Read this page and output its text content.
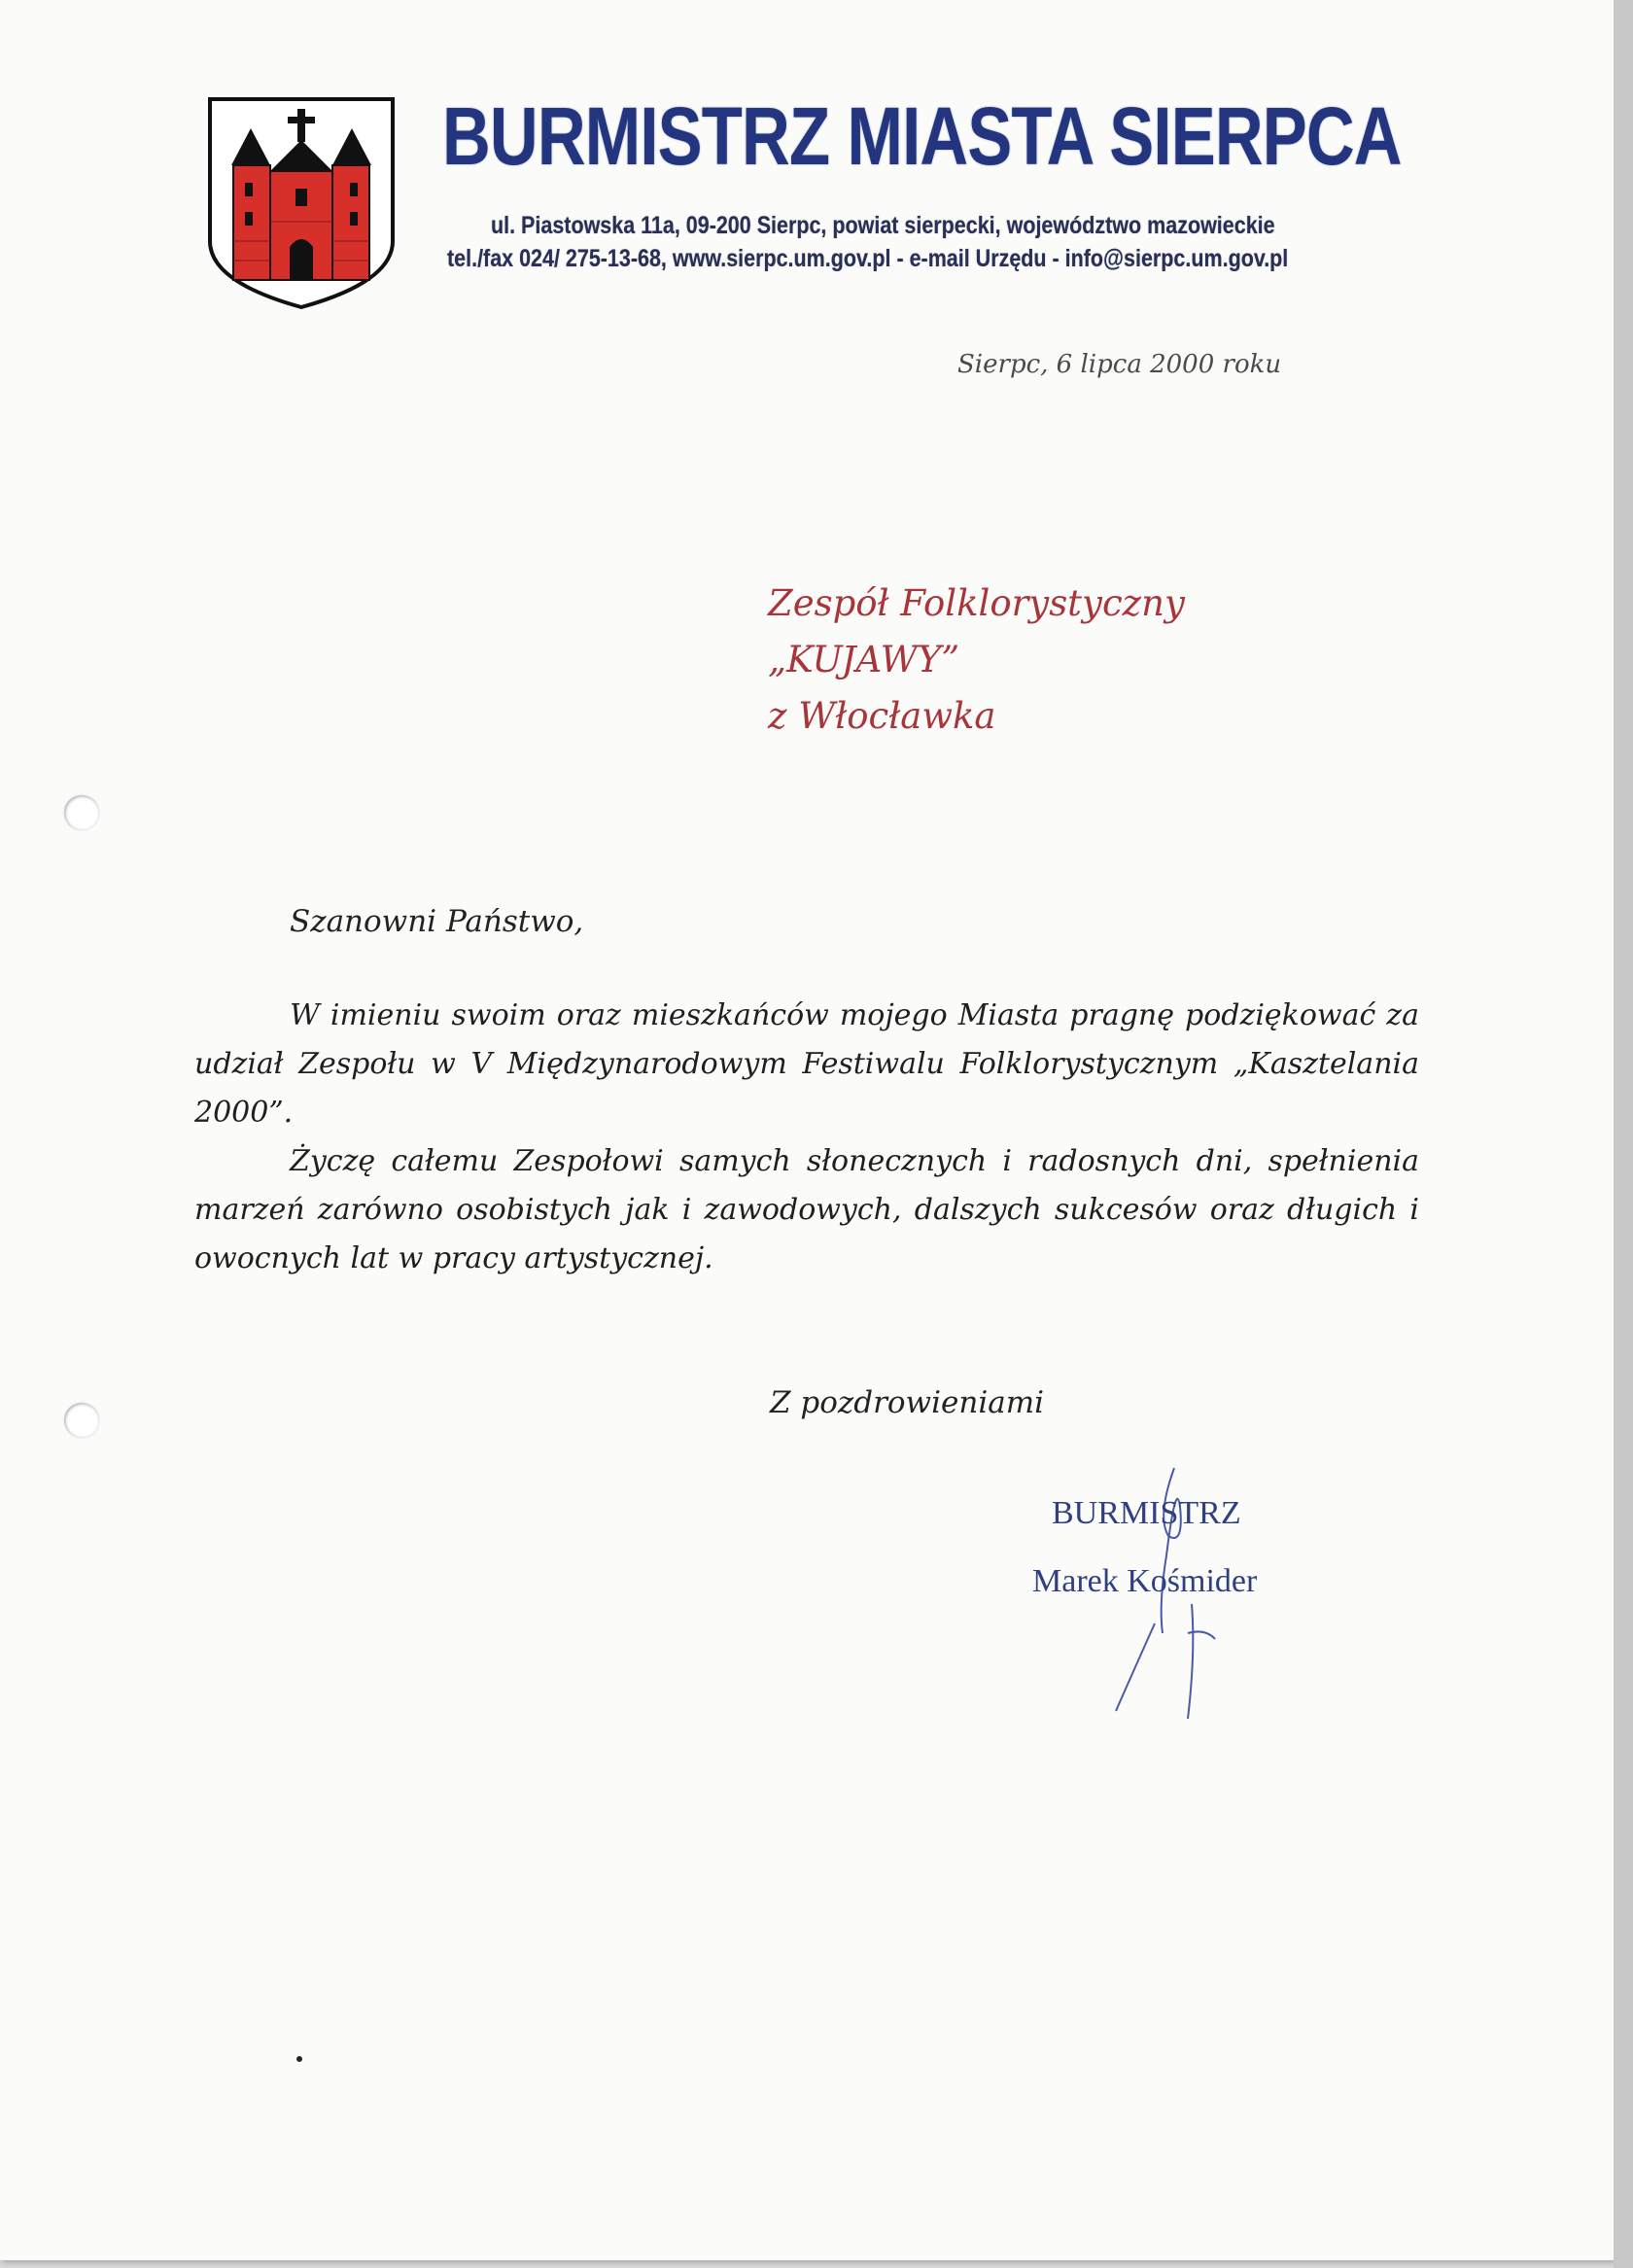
BURMISTRZ MIASTA SIERPCA
ul. Piastowska 11a, 09-200 Sierpc, powiat sierpecki, województwo mazowieckie
tel./fax 024/ 275-13-68, www.sierpc.um.gov.pl - e-mail Urzędu - info@sierpc.um.gov.pl
Sierpc, 6 lipca 2000 roku
Zespół Folklorystyczny
„KUJAWY”
z Włocławka
Szanowni Państwo,
W imieniu swoim oraz mieszkańców mojego Miasta pragnę podziękować za udział Zespołu w V Międzynarodowym Festiwalu Folklorystycznym „Kasztelania 2000”.
Życzę całemu Zespołowi samych słonecznych i radosnych dni, spełnienia marzeń zarówno osobistych jak i zawodowych, dalszych sukcesów oraz długich i owocnych lat w pracy artystycznej.
Z pozdrowieniami
BURMISTRZ
Marek Kośmider
